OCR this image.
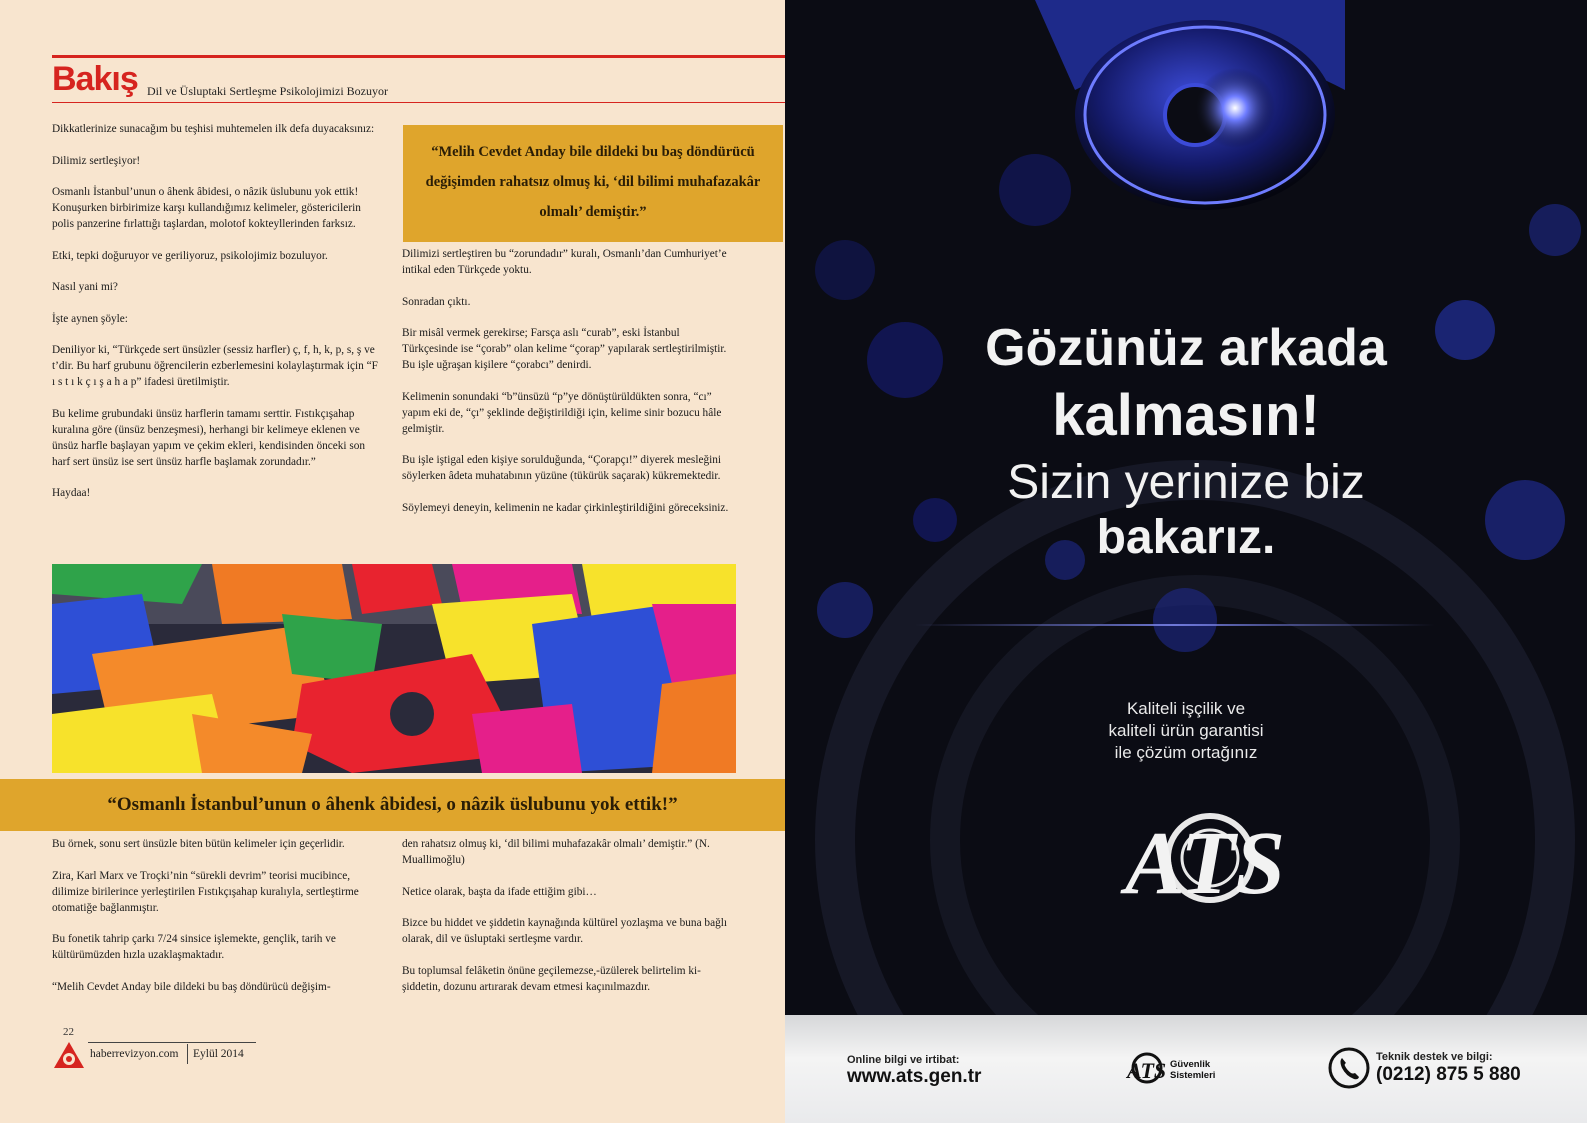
Bakış Dil ve Üsluptaki Sertleşme Psikolojimizi Bozuyor

Dikkatlerinize sunacağım bu teşhisi muhtemelen ilk defa duyacaksınız:

Dilimiz sertleşiyor!

Osmanlı İstanbul’unun o âhenk âbidesi, o nâzik üslubunu yok ettik! Konuşurken birbirimize karşı kullandığımız kelimeler, göstericilerin polis panzerine fırlattığı taşlardan, molotof kokteyllerinden farksız.

Etki, tepki doğuruyor ve geriliyoruz, psikolojimiz bozuluyor.

Nasıl yani mi?

İşte aynen şöyle:

Deniliyor ki, “Türkçede sert ünsüzler (sessiz harfler) ç, f, h, k, p, s, ş ve t’dir. Bu harf grubunu öğrencilerin ezberlemesini kolaylaştırmak için “F ı s t ı k ç ı ş a h a p” ifadesi üretilmiştir.

Bu kelime grubundaki ünsüz harflerin tamamı serttir. Fıstıkçışahap kuralına göre (ünsüz benzeşmesi), herhangi bir kelimeye eklenen ve ünsüz harfle başlayan yapım ve çekim ekleri, kendisinden önceki son harf sert ünsüz ise sert ünsüz harfle başlamak zorundadır.”

Haydaa!

“Melih Cevdet Anday bile dildeki bu baş döndürücü değişimden rahatsız olmuş ki, ‘dil bilimi muhafazakâr olmalı’ demiştir.”

Dilimizi sertleştiren bu “zorundadır” kuralı, Osmanlı’dan Cumhuriyet’e intikal eden Türkçede yoktu.

Sonradan çıktı.

Bir misâl vermek gerekirse; Farsça aslı “curab”, eski İstanbul Türkçesinde ise “çorab” olan kelime “çorap” yapılarak sertleştirilmiştir. Bu işle uğraşan kişilere “çorabcı” denirdi.

Kelimenin sonundaki “b”ünsüzü “p”ye dönüştürüldükten sonra, “cı” yapım eki de, “çı” şeklinde değiştirildiği için, kelime sinir bozucu hâle gelmiştir.

Bu işle iştigal eden kişiye sorulduğunda, “Çorapçı!” diyerek mesleğini söylerken âdeta muhatabının yüzüne (tükürük saçarak) kükremektedir.

Söylemeyi deneyin, kelimenin ne kadar çirkinleştirildiğini göreceksiniz.

“Osmanlı İstanbul’unun o âhenk âbidesi, o nâzik üslubunu yok ettik!”

Bu örnek, sonu sert ünsüzle biten bütün kelimeler için geçerlidir.

Zira, Karl Marx ve Troçki’nin “sürekli devrim” teorisi mucibince, dilimize birilerince yerleştirilen Fıstıkçışahap kuralıyla, sertleştirme otomatiğe bağlanmıştır.

Bu fonetik tahrip çarkı 7/24 sinsice işlemekte, gençlik, tarih ve kültürümüzden hızla uzaklaşmaktadır.

“Melih Cevdet Anday bile dildeki bu baş döndürücü değişim-

den rahatsız olmuş ki, ‘dil bilimi muhafazakâr olmalı’ demiştir.” (N. Muallimoğlu)

Netice olarak, başta da ifade ettiğim gibi…

Bizce bu hiddet ve şiddetin kaynağında kültürel yozlaşma ve buna bağlı olarak, dil ve üsluptaki sertleşme vardır.

Bu toplumsal felâketin önüne geçilemezse,-üzülerek belirtelim ki- şiddetin, dozunu artırarak devam etmesi kaçınılmazdır.

22
haberrevizyon.com Eylül 2014
Gözünüz arkada
kalmasın!
Sizin yerinize biz
bakarız.
Kaliteli işçilik ve
kaliteli ürün garantisi
ile çözüm ortağınız
ATS
Online bilgi ve irtibat:
www.ats.gen.tr	ATS Güvenlik
Sistemleri
Teknik destek ve bilgi:
(0212) 875 5 880
